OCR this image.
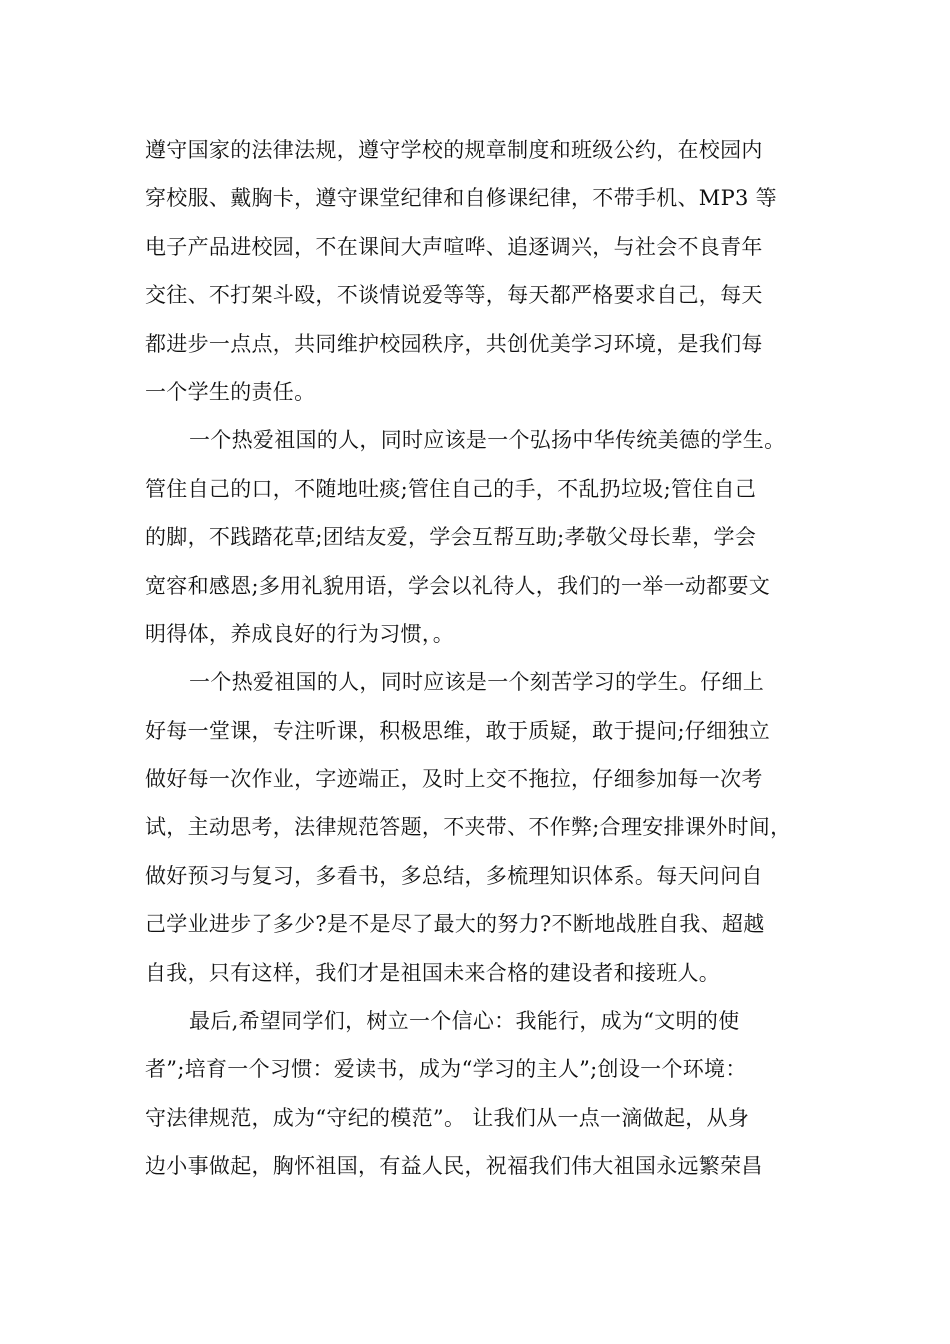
遵守国家的法律法规，遵守学校的规章制度和班级公约，在校园内
穿校服、戴胸卡，遵守课堂纪律和自修课纪律，不带手机、MP3 等
电子产品进校园，不在课间大声喧哗、追逐调兴，与社会不良青年
交往、不打架斗殴，不谈情说爱等等，每天都严格要求自己，每天
都进步一点点，共同维护校园秩序，共创优美学习环境，是我们每
一个学生的责任。
一个热爱祖国的人，同时应该是一个弘扬中华传统美德的学生。
管住自己的口，不随地吐痰;管住自己的手，不乱扔垃圾;管住自己
的脚，不践踏花草;团结友爱，学会互帮互助;孝敬父母长辈，学会
宽容和感恩;多用礼貌用语，学会以礼待人，我们的一举一动都要文
明得体，养成良好的行为习惯，。
一个热爱祖国的人，同时应该是一个刻苦学习的学生。仔细上
好每一堂课，专注听课，积极思维，敢于质疑，敢于提问;仔细独立
做好每一次作业，字迹端正，及时上交不拖拉，仔细参加每一次考
试，主动思考，法律规范答题，不夹带、不作弊;合理安排课外时间，
做好预习与复习，多看书，多总结，多梳理知识体系。每天问问自
己学业进步了多少?是不是尽了最大的努力?不断地战胜自我、超越
自我，只有这样，我们才是祖国未来合格的建设者和接班人。
最后,希望同学们，树立一个信心：我能行，成为“文明的使
者”;培育一个习惯：爱读书，成为“学习的主人”;创设一个环境：
守法律规范，成为“守纪的模范”。 让我们从一点一滴做起，从身
边小事做起，胸怀祖国，有益人民，祝福我们伟大祖国永远繁荣昌
